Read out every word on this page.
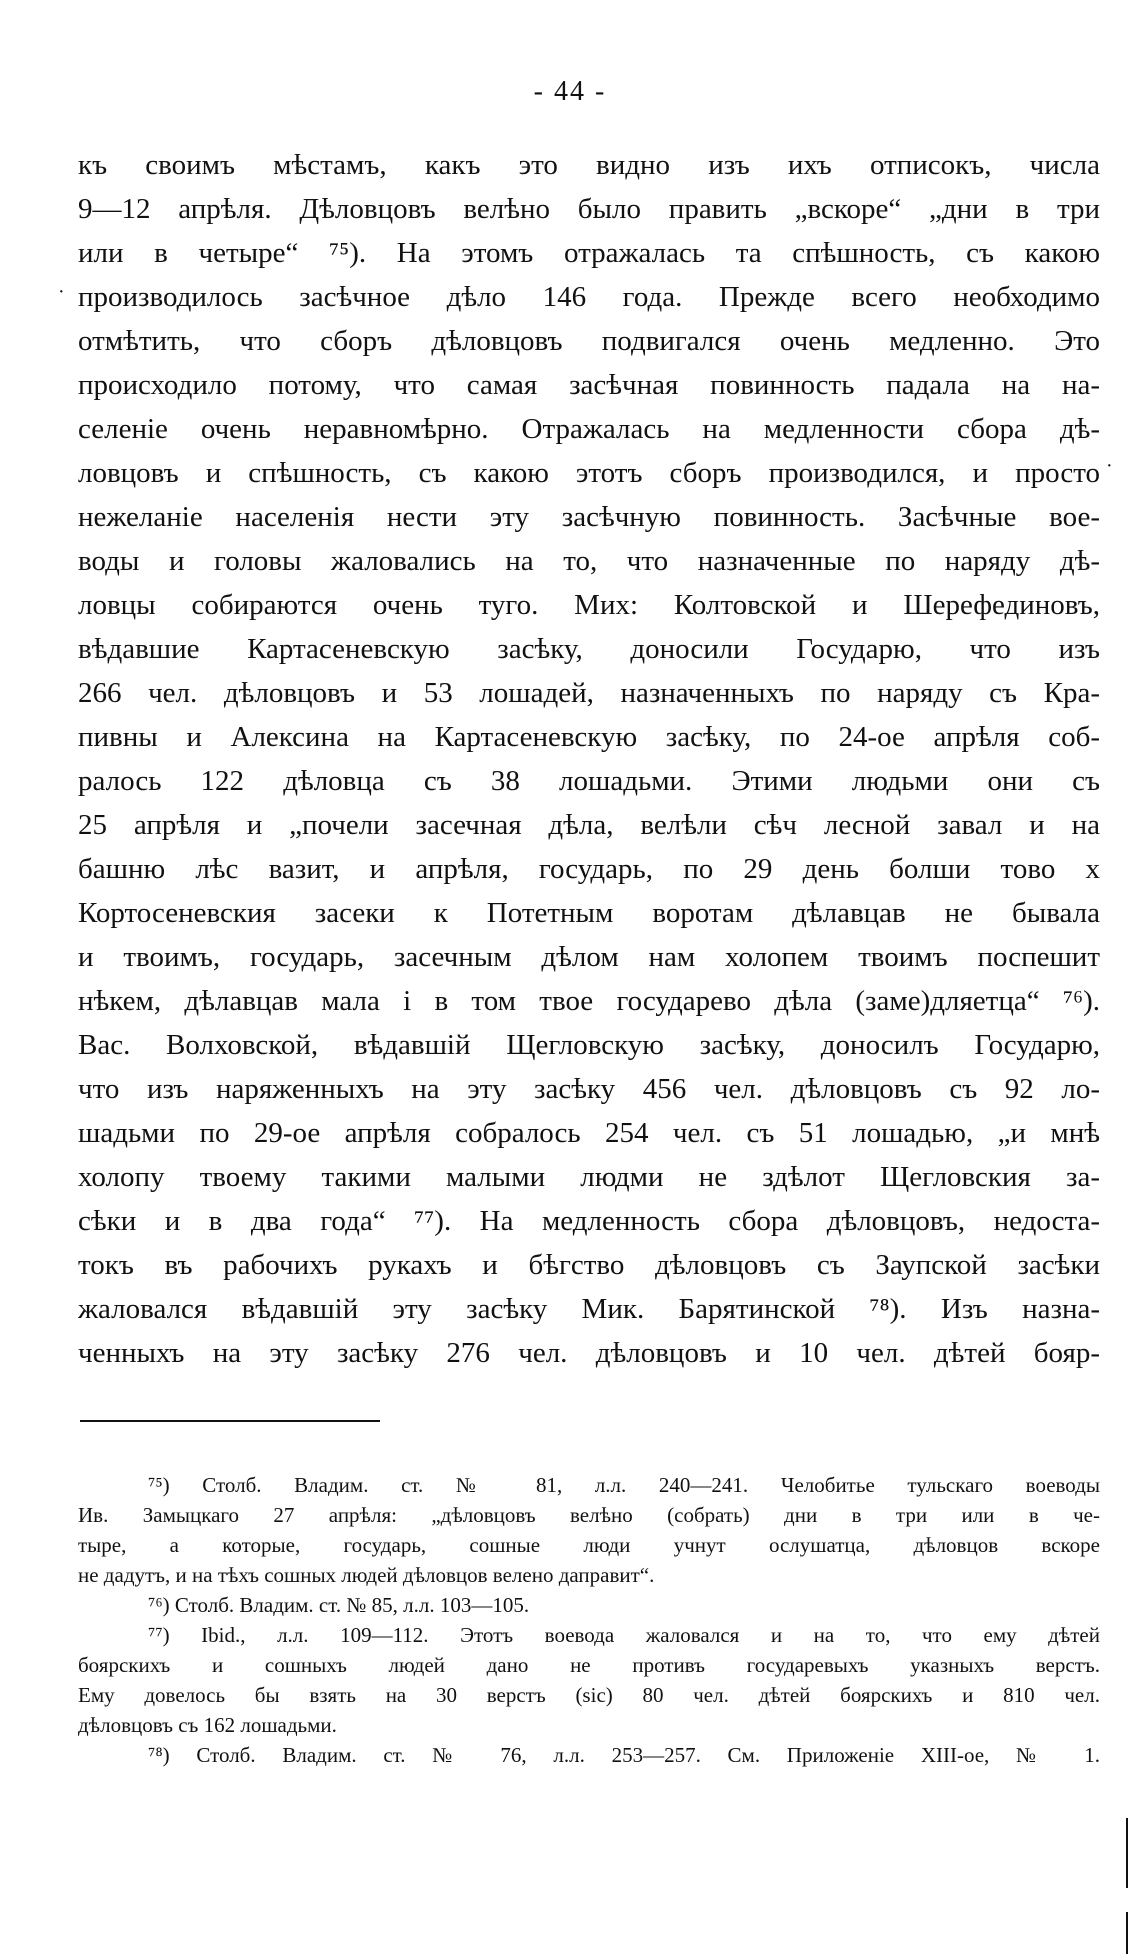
- 44 -
·
·
къ своимъ мѣстамъ, какъ это видно изъ ихъ отписокъ, числа
9—12 апрѣля. Дѣловцовъ велѣно было править „вскоре“ „дни в три
или в четыре“ ⁷⁵). На этомъ отражалась та спѣшность, съ какою
производилось засѣчное дѣло 146 года. Прежде всего необходимо
отмѣтить, что сборъ дѣловцовъ подвигался очень медленно. Это
происходило потому, что самая засѣчная повинность падала на на-
селеніе очень неравномѣрно. Отражалась на медленности сбора дѣ-
ловцовъ и спѣшность, съ какою этотъ сборъ производился, и просто
нежеланіе населенія нести эту засѣчную повинность. Засѣчные вое-
воды и головы жаловались на то, что назначенные по наряду дѣ-
ловцы собираются очень туго. Мих: Колтовской и Шерефединовъ,
вѣдавшие Картасеневскую засѣку, доносили Государю, что изъ
266 чел. дѣловцовъ и 53 лошадей, назначенныхъ по наряду съ Кра-
пивны и Алексина на Картасеневскую засѣку, по 24-ое апрѣля соб-
ралось 122 дѣловца съ 38 лошадьми. Этими людьми они съ
25 апрѣля и „почели засечная дѣла, велѣли сѣч лесной завал и на
башню лѣс вазит, и апрѣля, государь, по 29 день болши тово х
Кортосеневския засеки к Потетным воротам дѣлавцав не бывала
и твоимъ, государь, засечным дѣлом нам холопем твоимъ поспешит
нѣкем, дѣлавцав мала і в том твое государево дѣла (заме)дляетца“ ⁷⁶).
Вас. Волховской, вѣдавшій Щегловскую засѣку, доносилъ Государю,
что изъ наряженныхъ на эту засѣку 456 чел. дѣловцовъ съ 92 ло-
шадьми по 29-ое апрѣля собралось 254 чел. съ 51 лошадью, „и мнѣ
холопу твоему такими малыми людми не здѣлот Щегловския за-
сѣки и в два года“ ⁷⁷). На медленность сбора дѣловцовъ, недоста-
токъ въ рабочихъ рукахъ и бѣгство дѣловцовъ съ Заупской засѣки
жаловался вѣдавшій эту засѣку Мик. Барятинской ⁷⁸). Изъ назна-
ченныхъ на эту засѣку 276 чел. дѣловцовъ и 10 чел. дѣтей бояр-
⁷⁵) Столб. Владим. ст. № 81, л.л. 240—241. Челобитье тульскаго воеводы
Ив. Замыцкаго 27 апрѣля: „дѣловцовъ велѣно (собрать) дни в три или в че-
тыре, а которые, государь, сошные люди учнут ослушатца, дѣловцов вскоре
не дадутъ, и на тѣхъ сошных людей дѣловцов велено даправит“.
⁷⁶) Столб. Владим. ст. № 85, л.л. 103—105.
⁷⁷) Ibid., л.л. 109—112. Этотъ воевода жаловался и на то, что ему дѣтей
боярскихъ и сошныхъ людей дано не противъ государевыхъ указныхъ верстъ.
Ему довелось бы взять на 30 верстъ (sic) 80 чел. дѣтей боярскихъ и 810 чел.
дѣловцовъ съ 162 лошадьми.
⁷⁸) Столб. Владим. ст. № 76, л.л. 253—257. См. Приложеніе XIII-ое, № 1.
